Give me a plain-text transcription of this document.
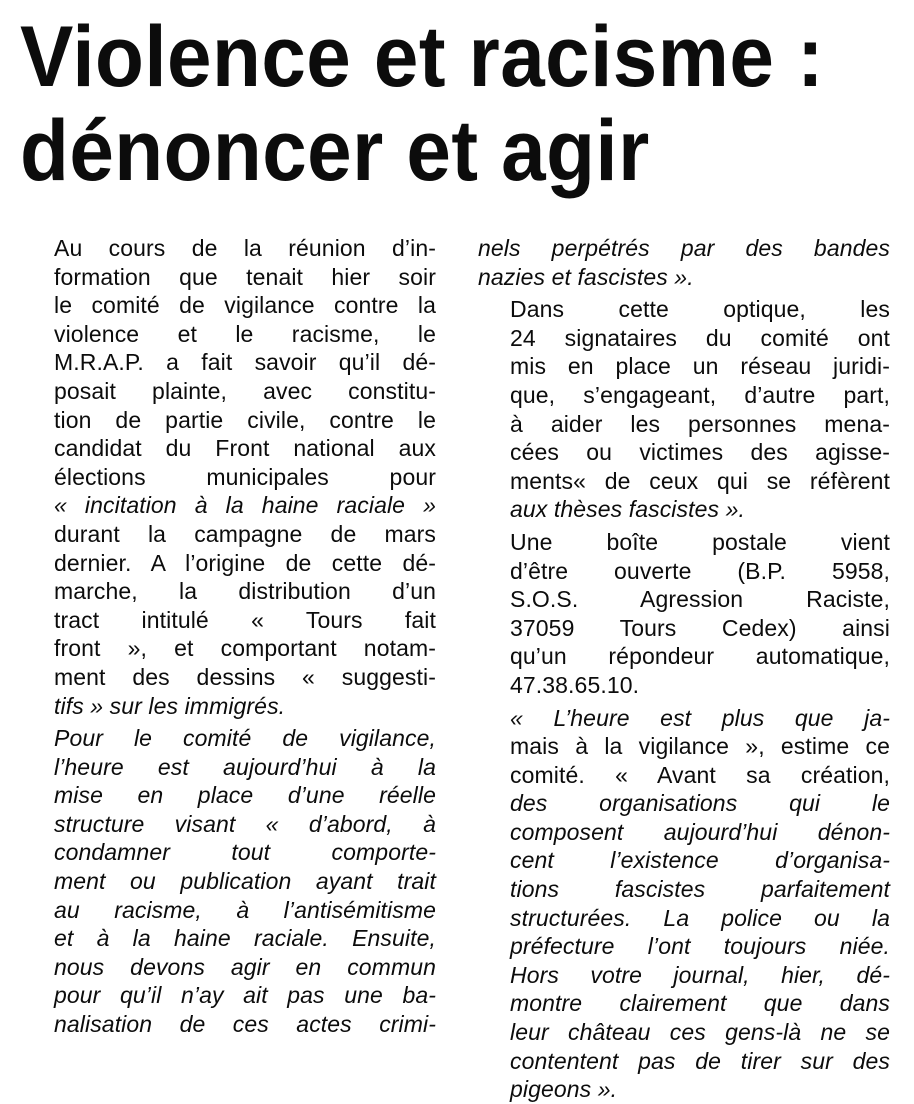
Violence et racisme :
dénoncer et agir

Au cours de la réunion d’in-
formation que tenait hier soir
le comité de vigilance contre la
violence et le racisme, le
M.R.A.P. a fait savoir qu’il dé-
posait plainte, avec constitu-
tion de partie civile, contre le
candidat du Front national aux
élections municipales pour
« incitation à la haine raciale »
durant la campagne de mars
dernier. A l’origine de cette dé-
marche, la distribution d’un
tract intitulé « Tours fait
front », et comportant notam-
ment des dessins « suggesti-
tifs » sur les immigrés.

Pour le comité de vigilance,
l’heure est aujourd’hui à la
mise en place d’une réelle
structure visant « d’abord, à
condamner tout comporte-
ment ou publication ayant trait
au racisme, à l’antisémitisme
et à la haine raciale. Ensuite,
nous devons agir en commun
pour qu’il n’ay ait pas une ba-
nalisation de ces actes crimi-

nels perpétrés par des bandes
nazies et fascistes ».

Dans cette optique, les
24 signataires du comité ont
mis en place un réseau juridi-
que, s’engageant, d’autre part,
à aider les personnes mena-
cées ou victimes des agisse-
ments« de ceux qui se réfèrent
aux thèses fascistes ».

Une boîte postale vient
d’être ouverte (B.P. 5958,
S.O.S. Agression Raciste,
37059 Tours Cedex) ainsi
qu’un répondeur automatique,
47.38.65.10.

« L’heure est plus que ja-
mais à la vigilance », estime ce
comité. « Avant sa création,
des organisations qui le
composent aujourd’hui dénon-
cent l’existence d’organisa-
tions fascistes parfaitement
structurées. La police ou la
préfecture l’ont toujours niée.
Hors votre journal, hier, dé-
montre clairement que dans
leur château ces gens-là ne se
contentent pas de tirer sur des
pigeons ».
